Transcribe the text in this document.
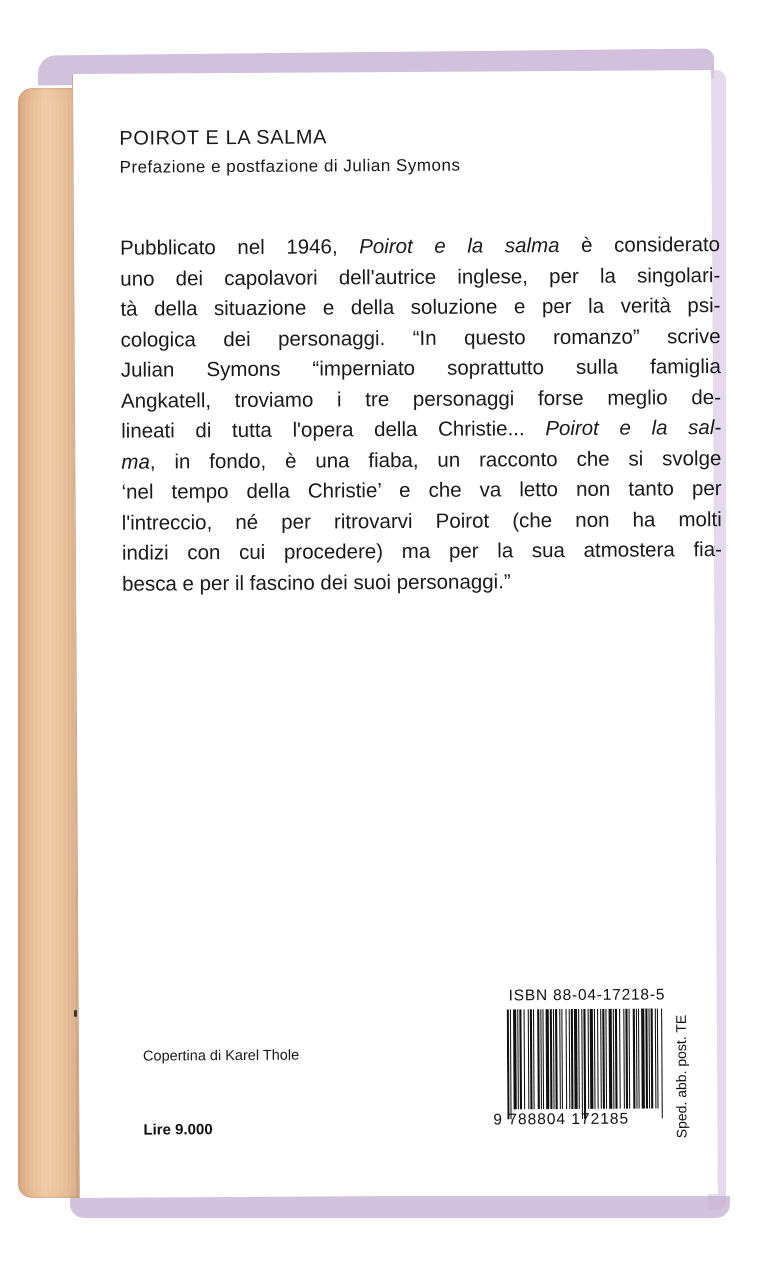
POIROT E LA SALMA
Prefazione e postfazione di Julian Symons
Pubblicato nel 1946, Poirot e la salma è considerato
uno dei capolavori dell'autrice inglese, per la singolari-
tà della situazione e della soluzione e per la verità psi-
cologica dei personaggi. “In questo romanzo” scrive
Julian Symons “imperniato soprattutto sulla famiglia
Angkatell, troviamo i tre personaggi forse meglio de-
lineati di tutta l'opera della Christie... Poirot e la sal-
ma, in fondo, è una fiaba, un racconto che si svolge
‘nel tempo della Christie’ e che va letto non tanto per
l'intreccio, né per ritrovarvi Poirot (che non ha molti
indizi con cui procedere) ma per la sua atmostera fia-
besca e per il fascino dei suoi personaggi.”
Copertina di Karel Thole
Lire 9.000
ISBN 88-04-17218-5
9 788804 172185	Sped. abb. post. TE
